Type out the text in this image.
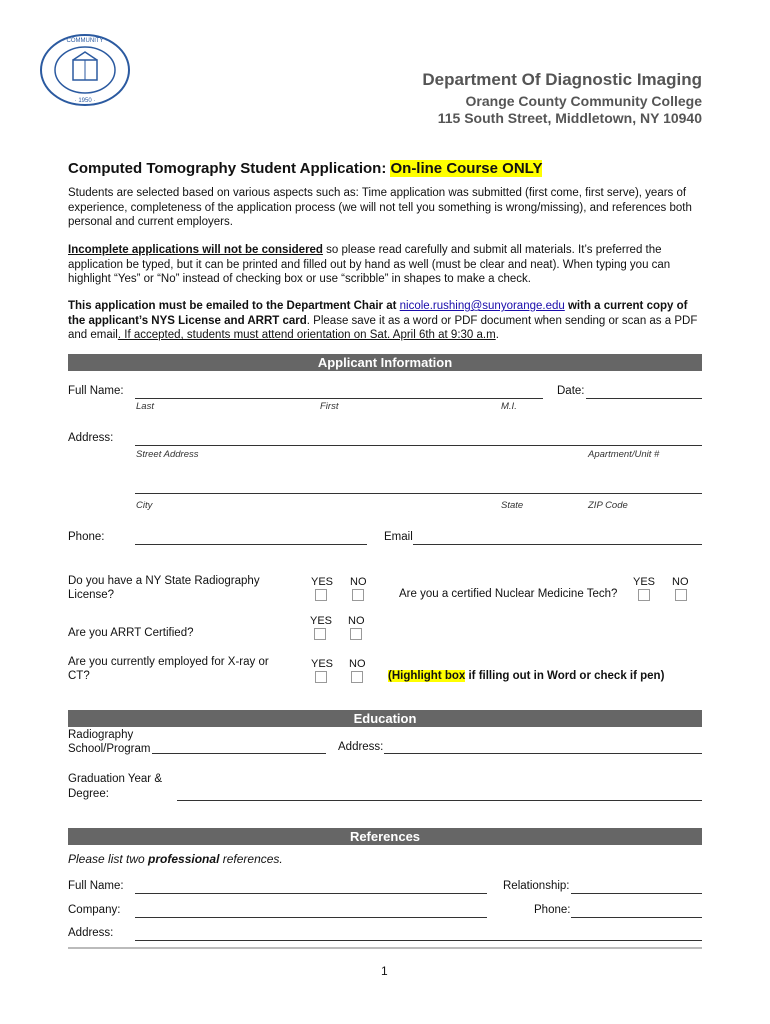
· COMMUNITY ·
· 1950 ·
Department Of Diagnostic Imaging
Orange County Community College
115 South Street, Middletown, NY 10940
Computed Tomography Student Application: On-line Course ONLY
Students are selected based on various aspects such as: Time application was submitted (first come, first serve), years of experience, completeness of the application process (we will not tell you something is wrong/missing), and references both personal and current employers.
Incomplete applications will not be considered so please read carefully and submit all materials. It’s preferred the application be typed, but it can be printed and filled out by hand as well (must be clear and neat). When typing you can highlight “Yes” or “No” instead of checking box or use “scribble” in shapes to make a check.
This application must be emailed to the Department Chair at nicole.rushing@sunyorange.edu with a current copy of the applicant’s NYS License and ARRT card. Please save it as a word or PDF document when sending or scan as a PDF and email. If accepted, students must attend orientation on Sat. April 6th at 9:30 a.m.
Applicant Information
Full Name:
Last	First	M.I.
Date:
Address:
Street Address	Apartment/Unit #
City	State	ZIP Code
Phone:	Email
Do you have a NY State Radiography License?
YES NO
Are you a certified Nuclear Medicine Tech?
YES NO
Are you ARRT Certified?
YES NO
Are you currently employed for X-ray or CT?
YES NO
(Highlight box if filling out in Word or check if pen)
Education
Radiography School/Program	Address:
Graduation Year & Degree:
References
Please list two professional references.
Full Name:	Relationship:
Company:	Phone:
Address:
1
